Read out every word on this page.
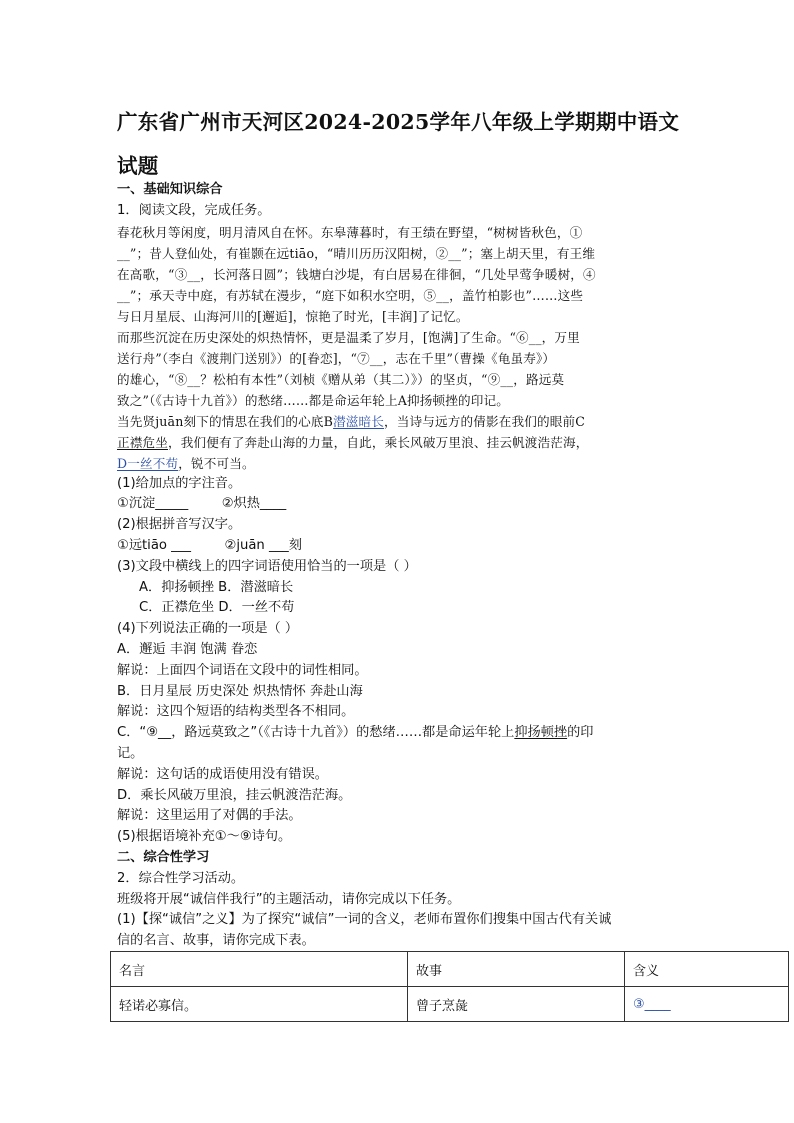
广东省广州市天河区2024-2025学年八年级上学期期中语文
试题

一、基础知识综合

1．阅读文段，完成任务。

春花秋月等闲度，明月清风自在怀。东皋薄暮时，有王绩在野望，“树树皆秋色，①

__”；昔人登仙处，有崔颢在远tiāo，“晴川历历汉阳树，②__”；塞上胡天里，有王维

在高歌，“③__，长河落日圆”；钱塘白沙堤，有白居易在徘徊，“几处早莺争暖树，④

__”；承天寺中庭，有苏轼在漫步，“庭下如积水空明，⑤__，盖竹柏影也”……这些

与日月星辰、山海河川的[邂逅]，惊艳了时光，[丰润]了记忆。

而那些沉淀在历史深处的炽热情怀，更是温柔了岁月，[饱满]了生命。“⑥__，万里

送行舟”（李白《渡荆门送别》）的[眷恋]，“⑦__，志在千里”（曹操《龟虽寿》）

的雄心，“⑧__？松柏有本性”（刘桢《赠从弟（其二）》）的坚贞，“⑨__，路远莫

致之”（《古诗十九首》）的愁绪……都是命运年轮上A抑扬顿挫的印记。

当先贤juān刻下的情思在我们的心底B潜滋暗长，当诗与远方的倩影在我们的眼前C

正襟危坐，我们便有了奔赴山海的力量，自此，乘长风破万里浪、挂云帆渡浩茫海，

D一丝不苟，锐不可当。

(1)给加点的字注音。

①沉淀_____        ②炽热____

(2)根据拼音写汉字。

①远tiāo ___        ②juān ___刻

(3)文段中横线上的四字词语使用恰当的一项是（ ）

A．抑扬顿挫 B．潜滋暗长

C．正襟危坐 D．一丝不苟

(4)下列说法正确的一项是（ ）

A．邂逅 丰润 饱满 眷恋

解说：上面四个词语在文段中的词性相同。

B．日月星辰 历史深处 炽热情怀 奔赴山海

解说：这四个短语的结构类型各不相同。

C．“⑨__，路远莫致之”（《古诗十九首》）的愁绪……都是命运年轮上抑扬顿挫的印

记。

解说：这句话的成语使用没有错误。

D．乘长风破万里浪，挂云帆渡浩茫海。

解说：这里运用了对偶的手法。

(5)根据语境补充①～⑨诗句。

二、综合性学习

2．综合性学习活动。

班级将开展“诚信伴我行”的主题活动，请你完成以下任务。

(1)【探“诚信”之义】为了探究“诚信”一词的含义，老师布置你们搜集中国古代有关诚

信的名言、故事，请你完成下表。

名言	故事	含义
轻诺必寡信。	曾子烹彘	③____
